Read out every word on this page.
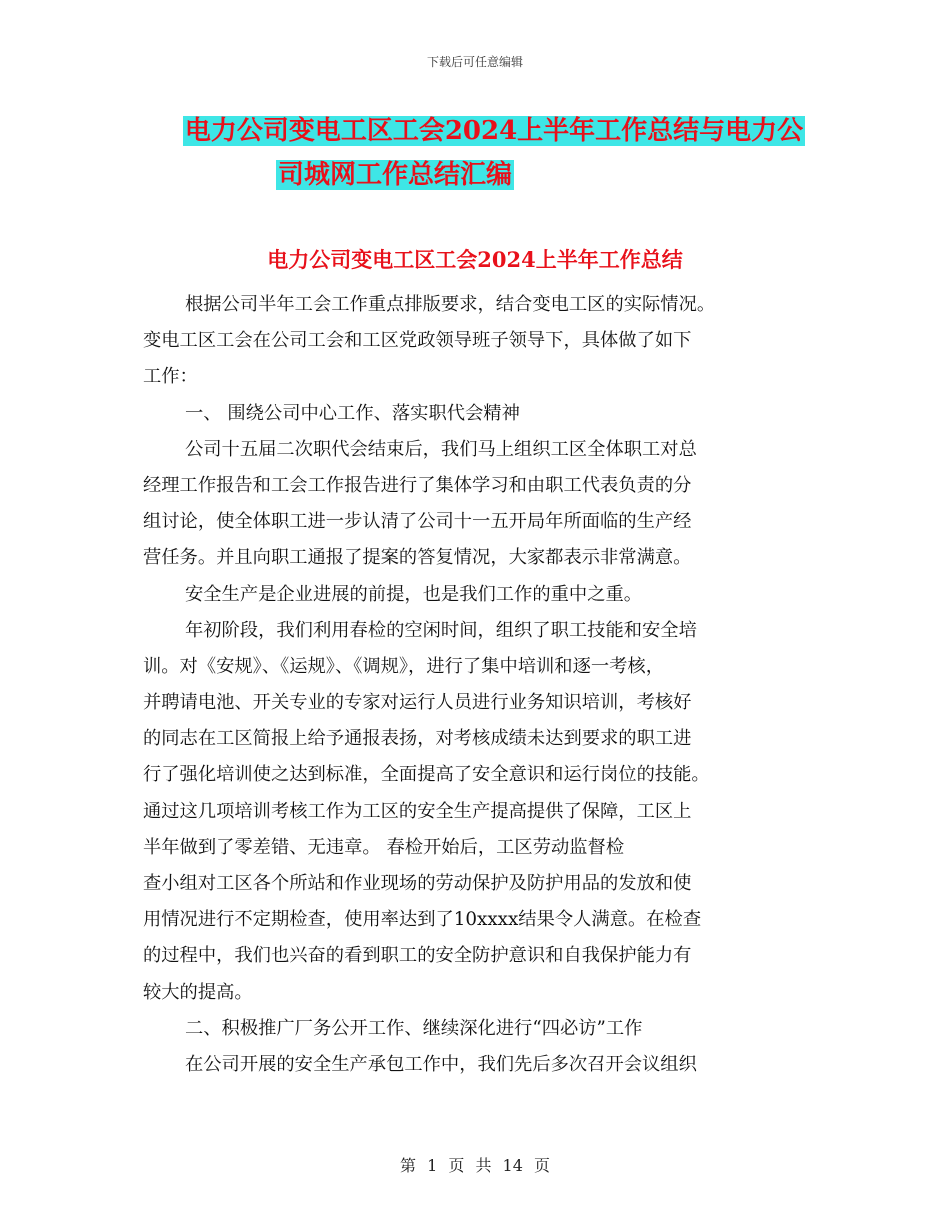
下载后可任意编辑
电力公司变电工区工会2024上半年工作总结与电力公
司城网工作总结汇编
电力公司变电工区工会2024上半年工作总结
根据公司半年工会工作重点排版要求，结合变电工区的实际情况。
变电工区工会在公司工会和工区党政领导班子领导下，具体做了如下
工作：
一、 围绕公司中心工作、落实职代会精神
公司十五届二次职代会结束后，我们马上组织工区全体职工对总
经理工作报告和工会工作报告进行了集体学习和由职工代表负责的分
组讨论，使全体职工进一步认清了公司十一五开局年所面临的生产经
营任务。并且向职工通报了提案的答复情况，大家都表示非常满意。
安全生产是企业进展的前提，也是我们工作的重中之重。
年初阶段，我们利用春检的空闲时间，组织了职工技能和安全培
训。对《安规》、《运规》、《调规》，进行了集中培训和逐一考核，
并聘请电池、开关专业的专家对运行人员进行业务知识培训，考核好
的同志在工区简报上给予通报表扬，对考核成绩未达到要求的职工进
行了强化培训使之达到标准，全面提高了安全意识和运行岗位的技能。
通过这几项培训考核工作为工区的安全生产提高提供了保障，工区上
半年做到了零差错、无违章。 春检开始后，工区劳动监督检
查小组对工区各个所站和作业现场的劳动保护及防护用品的发放和使
用情况进行不定期检查，使用率达到了10xxxx结果令人满意。在检查
的过程中，我们也兴奋的看到职工的安全防护意识和自我保护能力有
较大的提高。
二、积极推广厂务公开工作、继续深化进行“四必访”工作
在公司开展的安全生产承包工作中，我们先后多次召开会议组织
第 1 页 共 14 页
